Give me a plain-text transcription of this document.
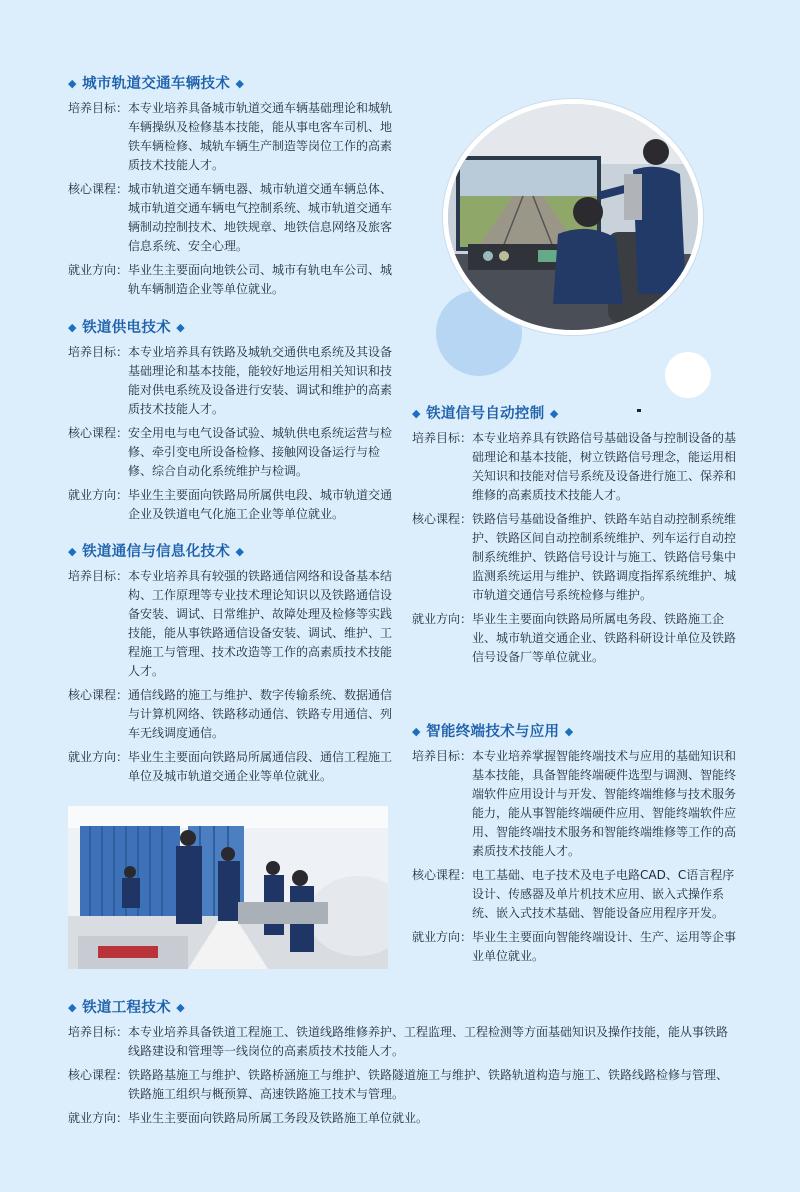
◆ 城市轨道交通车辆技术 ◆
培养目标： 本专业培养具备城市轨道交通车辆基础理论和城轨车辆操纵及检修基本技能，能从事电客车司机、地铁车辆检修、城轨车辆生产制造等岗位工作的高素质技术技能人才。
核心课程： 城市轨道交通车辆电器、城市轨道交通车辆总体、城市轨道交通车辆电气控制系统、城市轨道交通车辆制动控制技术、地铁规章、地铁信息网络及旅客信息系统、安全心理。
就业方向： 毕业生主要面向地铁公司、城市有轨电车公司、城轨车辆制造企业等单位就业。
◆ 铁道供电技术 ◆
培养目标： 本专业培养具有铁路及城轨交通供电系统及其设备基础理论和基本技能，能较好地运用相关知识和技能对供电系统及设备进行安装、调试和维护的高素质技术技能人才。
核心课程： 安全用电与电气设备试验、城轨供电系统运营与检修、牵引变电所设备检修、接触网设备运行与检修、综合自动化系统维护与检调。
就业方向： 毕业生主要面向铁路局所属供电段、城市轨道交通企业及铁道电气化施工企业等单位就业。
◆ 铁道通信与信息化技术 ◆
培养目标： 本专业培养具有较强的铁路通信网络和设备基本结构、工作原理等专业技术理论知识以及铁路通信设备安装、调试、日常维护、故障处理及检修等实践技能，能从事铁路通信设备安装、调试、维护、工程施工与管理、技术改造等工作的高素质技术技能人才。
核心课程： 通信线路的施工与维护、数字传输系统、数据通信与计算机网络、铁路移动通信、铁路专用通信、列车无线调度通信。
就业方向： 毕业生主要面向铁路局所属通信段、通信工程施工单位及城市轨道交通企业等单位就业。
◆ 铁道信号自动控制 ◆
培养目标： 本专业培养具有铁路信号基础设备与控制设备的基础理论和基本技能，树立铁路信号理念，能运用相关知识和技能对信号系统及设备进行施工、保养和维修的高素质技术技能人才。
核心课程： 铁路信号基础设备维护、铁路车站自动控制系统维护、铁路区间自动控制系统维护、列车运行自动控制系统维护、铁路信号设计与施工、铁路信号集中监测系统运用与维护、铁路调度指挥系统维护、城市轨道交通信号系统检修与维护。
就业方向： 毕业生主要面向铁路局所属电务段、铁路施工企业、城市轨道交通企业、铁路科研设计单位及铁路信号设备厂等单位就业。
◆ 智能终端技术与应用 ◆
培养目标： 本专业培养掌握智能终端技术与应用的基础知识和基本技能，具备智能终端硬件选型与调测、智能终端软件应用设计与开发、智能终端维修与技术服务能力，能从事智能终端硬件应用、智能终端软件应用、智能终端技术服务和智能终端维修等工作的高素质技术技能人才。
核心课程： 电工基础、电子技术及电子电路CAD、C语言程序设计、传感器及单片机技术应用、嵌入式操作系统、嵌入式技术基础、智能设备应用程序开发。
就业方向： 毕业生主要面向智能终端设计、生产、运用等企事业单位就业。
◆ 铁道工程技术 ◆
培养目标： 本专业培养具备铁道工程施工、铁道线路维修养护、工程监理、工程检测等方面基础知识及操作技能，能从事铁路线路建设和管理等一线岗位的高素质技术技能人才。
核心课程： 铁路路基施工与维护、铁路桥涵施工与维护、铁路隧道施工与维护、铁路轨道构造与施工、铁路线路检修与管理、铁路施工组织与概预算、高速铁路施工技术与管理。
就业方向： 毕业生主要面向铁路局所属工务段及铁路施工单位就业。
